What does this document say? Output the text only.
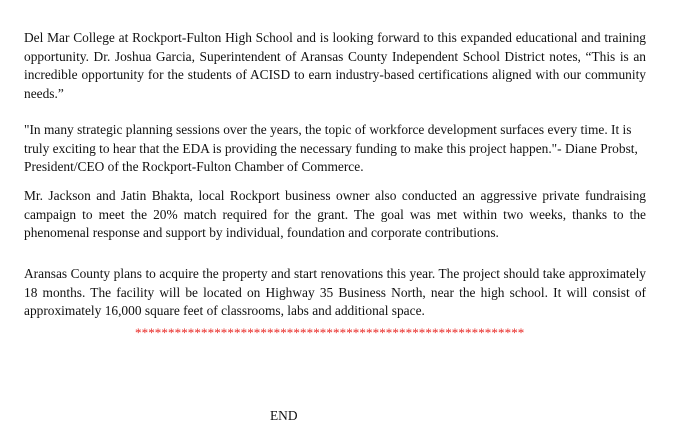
Del Mar College at Rockport-Fulton High School and is looking forward to this expanded educational and training opportunity. Dr. Joshua Garcia, Superintendent of Aransas County Independent School District notes, “This is an incredible opportunity for the students of ACISD to earn industry-based certifications aligned with our community needs.”

"In many strategic planning sessions over the years, the topic of workforce development surfaces every time. It is truly exciting to hear that the EDA is providing the necessary funding to make this project happen."- Diane Probst, President/CEO of the Rockport-Fulton Chamber of Commerce.

Mr. Jackson and Jatin Bhakta, local Rockport business owner also conducted an aggressive private fundraising campaign to meet the 20% match required for the grant. The goal was met within two weeks, thanks to the phenomenal response and support by individual, foundation and corporate contributions.

Aransas County plans to acquire the property and start renovations this year. The project should take approximately 18 months. The facility will be located on Highway 35 Business North, near the high school. It will consist of approximately 16,000 square feet of classrooms, labs and additional space.

***********************************************************

END
